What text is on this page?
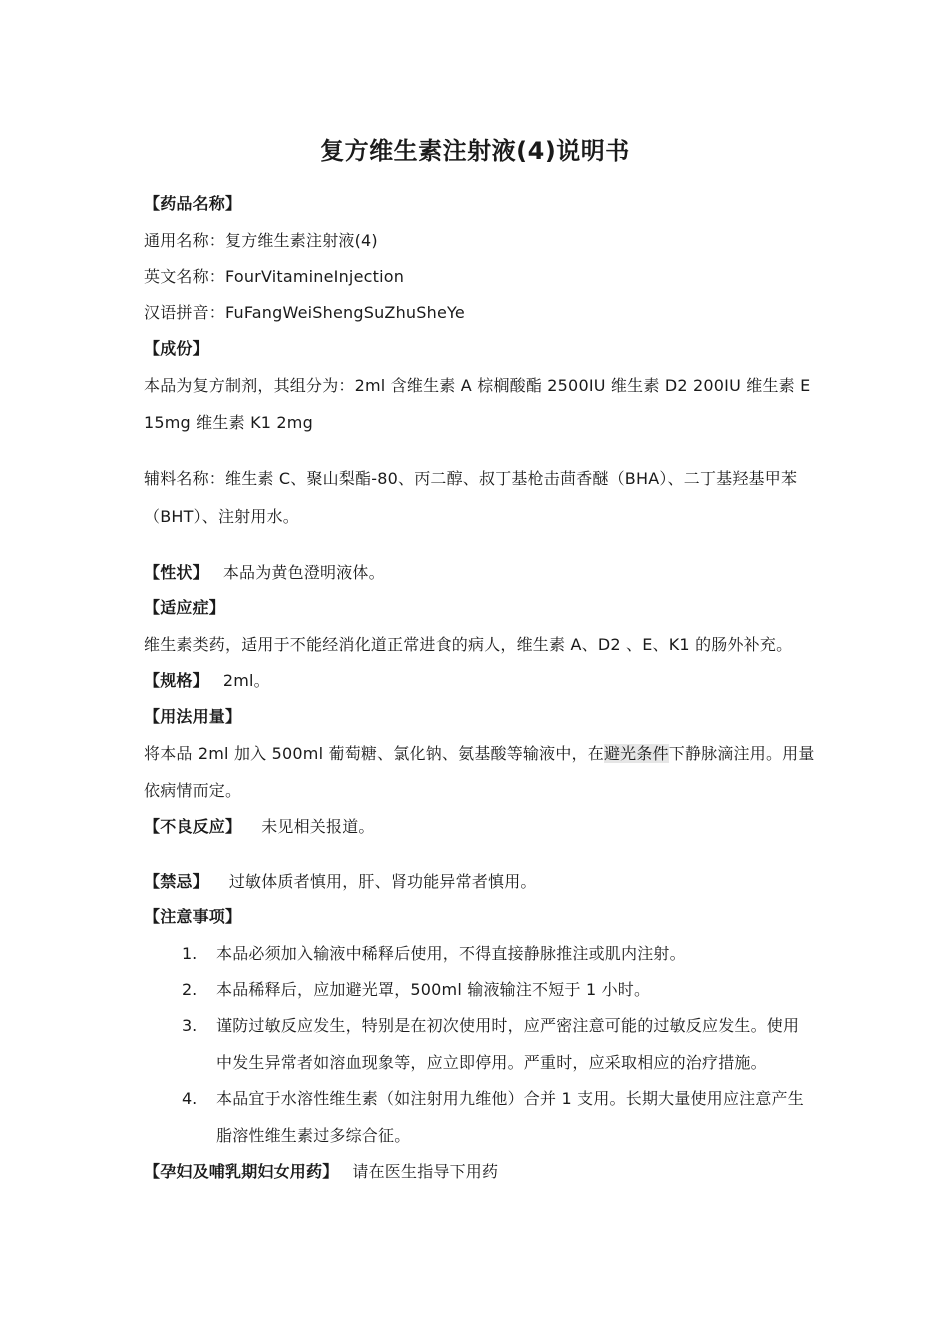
复方维生素注射液(4)说明书
【药品名称】
通用名称：复方维生素注射液(4)
英文名称：FourVitamineInjection
汉语拼音：FuFangWeiShengSuZhuSheYe
【成份】
本品为复方制剂，其组分为：2ml 含维生素 A 棕榈酸酯 2500IU 维生素 D2 200IU 维生素 E
15mg 维生素 K1 2mg
辅料名称：维生素 C、聚山梨酯-80、丙二醇、叔丁基枪击茴香醚（BHA）、二丁基羟基甲苯
（BHT）、注射用水。
【性状】 本品为黄色澄明液体。
【适应症】
维生素类药，适用于不能经消化道正常进食的病人，维生素 A、D2 、E、K1 的肠外补充。
【规格】 2ml。
【用法用量】
将本品 2ml 加入 500ml 葡萄糖、氯化钠、氨基酸等输液中，在避光条件下静脉滴注用。用量
依病情而定。
【不良反应】 未见相关报道。
【禁忌】 过敏体质者慎用，肝、肾功能异常者慎用。
【注意事项】
1. 本品必须加入输液中稀释后使用，不得直接静脉推注或肌内注射。
2. 本品稀释后，应加避光罩，500ml 输液输注不短于 1 小时。
3. 谨防过敏反应发生，特别是在初次使用时，应严密注意可能的过敏反应发生。使用
中发生异常者如溶血现象等，应立即停用。严重时，应采取相应的治疗措施。
4. 本品宜于水溶性维生素（如注射用九维他）合并 1 支用。长期大量使用应注意产生
脂溶性维生素过多综合征。
【孕妇及哺乳期妇女用药】 请在医生指导下用药
